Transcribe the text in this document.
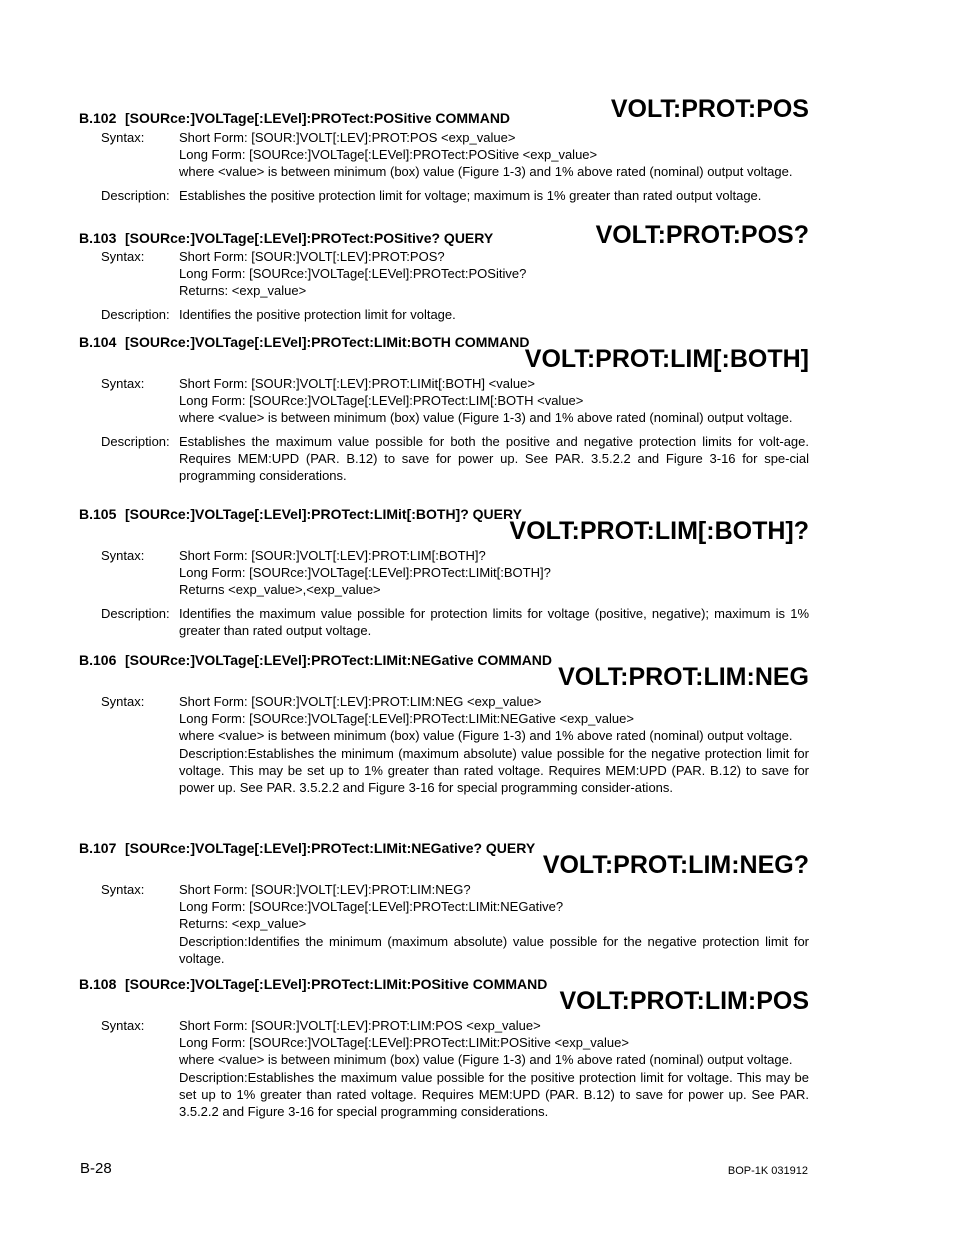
B.102 [SOURce:]VOLTage[:LEVel]:PROTect:POSitive COMMAND	VOLT:PROT:POS
Syntax:	Short Form: [SOUR:]VOLT[:LEV]:PROT:POS <exp_value>
Long Form: [SOURce:]VOLTage[:LEVel]:PROTect:POSitive <exp_value>
where <value> is between minimum (box) value (Figure 1-3) and 1% above rated (nominal) output voltage.
Description: Establishes the positive protection limit for voltage; maximum is 1% greater than rated output voltage.
B.103 [SOURce:]VOLTage[:LEVel]:PROTect:POSitive? QUERY	VOLT:PROT:POS?
Syntax:	Short Form: [SOUR:]VOLT[:LEV]:PROT:POS?
Long Form: [SOURce:]VOLTage[:LEVel]:PROTect:POSitive?
Returns: <exp_value>
Description: Identifies the positive protection limit for voltage.
B.104 [SOURce:]VOLTage[:LEVel]:PROTect:LIMit:BOTH COMMAND
VOLT:PROT:LIM[:BOTH]
Syntax:	Short Form: [SOUR:]VOLT[:LEV]:PROT:LIMit[:BOTH] <value>
Long Form: [SOURce:]VOLTage[:LEVel]:PROTect:LIM[:BOTH <value>
where <value> is between minimum (box) value (Figure 1-3) and 1% above rated (nominal) output voltage.
Description: Establishes the maximum value possible for both the positive and negative protection limits for volt-age. Requires MEM:UPD (PAR. B.12) to save for power up. See PAR. 3.5.2.2 and Figure 3-16 for spe-cial programming considerations.
B.105 [SOURce:]VOLTage[:LEVel]:PROTect:LIMit[:BOTH]? QUERY
VOLT:PROT:LIM[:BOTH]?
Syntax:	Short Form: [SOUR:]VOLT[:LEV]:PROT:LIM[:BOTH]?
Long Form: [SOURce:]VOLTage[:LEVel]:PROTect:LIMit[:BOTH]?
Returns <exp_value>,<exp_value>
Description: Identifies the maximum value possible for protection limits for voltage (positive, negative); maximum is 1% greater than rated output voltage.
B.106 [SOURce:]VOLTage[:LEVel]:PROTect:LIMit:NEGative COMMAND
VOLT:PROT:LIM:NEG
Syntax:	Short Form: [SOUR:]VOLT[:LEV]:PROT:LIM:NEG <exp_value>
Long Form: [SOURce:]VOLTage[:LEVel]:PROTect:LIMit:NEGative <exp_value>
where <value> is between minimum (box) value (Figure 1-3) and 1% above rated (nominal) output voltage.
Description:Establishes the minimum (maximum absolute) value possible for the negative protection limit for voltage. This may be set up to 1% greater than rated voltage. Requires MEM:UPD (PAR. B.12) to save for power up. See PAR. 3.5.2.2 and Figure 3-16 for special programming consider-ations.
B.107 [SOURce:]VOLTage[:LEVel]:PROTect:LIMit:NEGative? QUERY
VOLT:PROT:LIM:NEG?
Syntax:	Short Form: [SOUR:]VOLT[:LEV]:PROT:LIM:NEG?
Long Form: [SOURce:]VOLTage[:LEVel]:PROTect:LIMit:NEGative?
Returns: <exp_value>
Description:Identifies the minimum (maximum absolute) value possible for the negative protection limit for voltage.
B.108 [SOURce:]VOLTage[:LEVel]:PROTect:LIMit:POSitive COMMAND
VOLT:PROT:LIM:POS
Syntax:	Short Form: [SOUR:]VOLT[:LEV]:PROT:LIM:POS <exp_value>
Long Form: [SOURce:]VOLTage[:LEVel]:PROTect:LIMit:POSitive <exp_value>
where <value> is between minimum (box) value (Figure 1-3) and 1% above rated (nominal) output voltage.
Description:Establishes the maximum value possible for the positive protection limit for voltage. This may be set up to 1% greater than rated voltage. Requires MEM:UPD (PAR. B.12) to save for power up. See PAR. 3.5.2.2 and Figure 3-16 for special programming considerations.
B-28	BOP-1K 031912
